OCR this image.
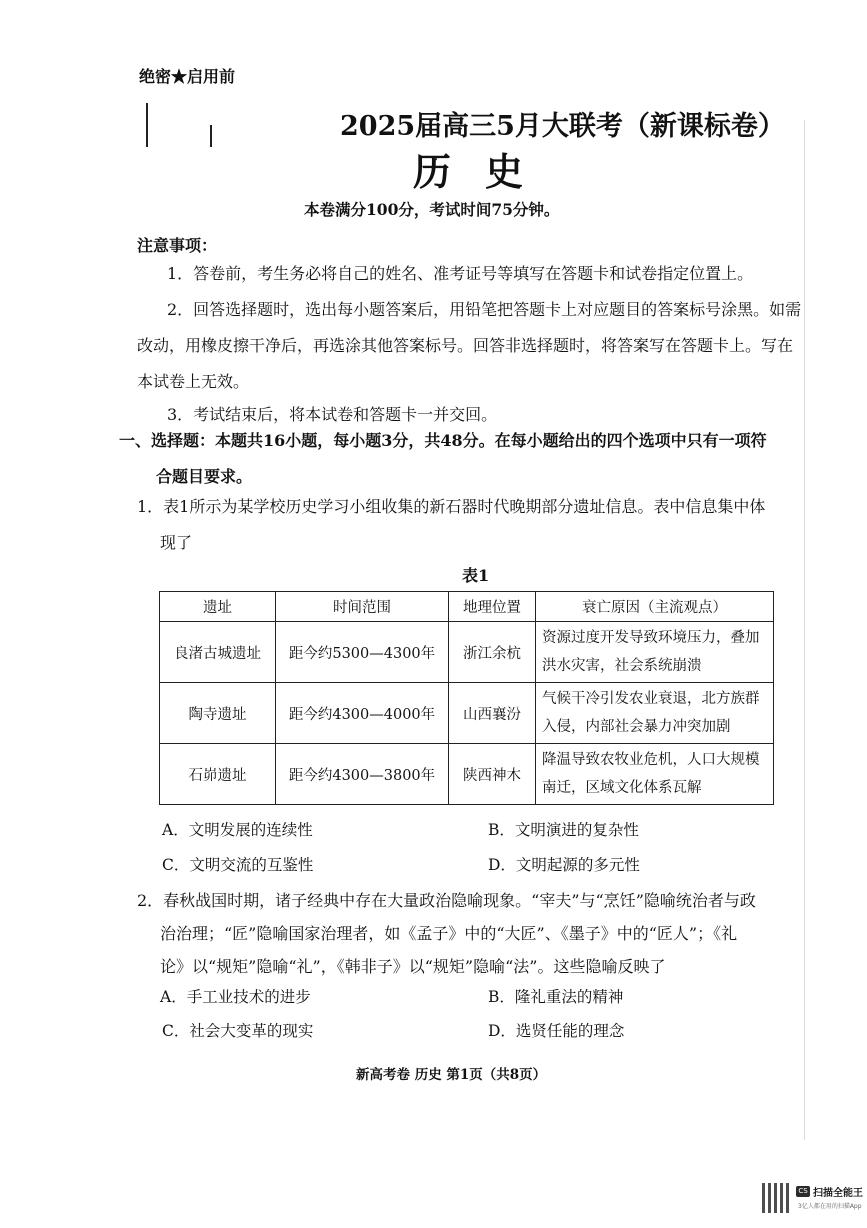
绝密★启用前
2025届高三5月大联考（新课标卷）
历史
本卷满分100分，考试时间75分钟。
注意事项：
1．答卷前，考生务必将自己的姓名、准考证号等填写在答题卡和试卷指定位置上。
2．回答选择题时，选出每小题答案后，用铅笔把答题卡上对应题目的答案标号涂黑。如需改动，用橡皮擦干净后，再选涂其他答案标号。回答非选择题时，将答案写在答题卡上。写在本试卷上无效。
3．考试结束后，将本试卷和答题卡一并交回。
一、选择题：本题共16小题，每小题3分，共48分。在每小题给出的四个选项中只有一项符
合题目要求。
1．表1所示为某学校历史学习小组收集的新石器时代晚期部分遗址信息。表中信息集中体
现了
表1
遗址	时间范围	地理位置	衰亡原因（主流观点）
良渚古城遗址	距今约5300—4300年	浙江余杭	资源过度开发导致环境压力，叠加洪水灾害，社会系统崩溃
陶寺遗址	距今约4300—4000年	山西襄汾	气候干冷引发农业衰退，北方族群入侵，内部社会暴力冲突加剧
石峁遗址	距今约4300—3800年	陕西神木	降温导致农牧业危机，人口大规模南迁，区域文化体系瓦解
A．文明发展的连续性	B．文明演进的复杂性
C．文明交流的互鉴性	D．文明起源的多元性
2．春秋战国时期，诸子经典中存在大量政治隐喻现象。“宰夫”与“烹饪”隐喻统治者与政
治治理；“匠”隐喻国家治理者，如《孟子》中的“大匠”、《墨子》中的“匠人”；《礼
论》以“规矩”隐喻“礼”，《韩非子》以“规矩”隐喻“法”。这些隐喻反映了
A．手工业技术的进步	B．隆礼重法的精神
C．社会大变革的现实	D．选贤任能的理念
新高考卷 历史 第1页（共8页）
CS 扫描全能王
3亿人都在用的扫描App
